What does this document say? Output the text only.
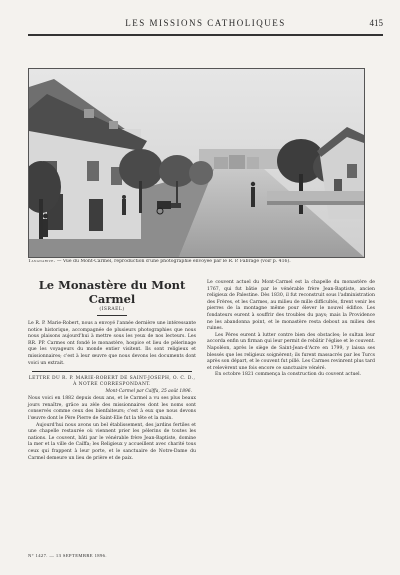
LES MISSIONS CATHOLIQUES	415
Tananarive. — Vue du Mont-Carmel, reproduction d'une photographie envoyée par le R. P. Fabrage (voir p. 416).
Le Monastère du Mont Carmel
(ISRAEL)

Le R. P. Marie-Robert, nous a envoyé l'année dernière une intéressante notice historique, accompagnée de plusieurs photographies que nous nous plaisons aujourd'hui à mettre sous les yeux de nos lecteurs. Les RR. PP. Carmes ont fondé le monastère, hospice et lieu de pèlerinage que les voyageurs du monde entier visitent. Ils sont religieux et missionnaires; c'est à leur œuvre que nous devons les documents dont voici un extrait.

LETTRE DU R. P. MARIE-ROBERT DE SAINT-JOSEPH, O. C. D., À NOTRE CORRESPONDANT.
Mont-Carmel par Caïffa, 25 août 1896.

Nous voici en 1882 depuis deux ans, et le Carmel a vu ses plus beaux jours renaître, grâce au zèle des missionnaires dont les noms sont conservés comme ceux des bienfaiteurs; c'est à eux que nous devons l'œuvre dont le Père Pierre de Saint-Elie fut la tête et la main.

Aujourd'hui nous avons un bel établissement, des jardins fertiles et une chapelle restaurée où viennent prier les pèlerins de toutes les nations. Le couvent, bâti par le vénérable frère Jean-Baptiste, domine la mer et la ville de Caïffa; les Religieux y accueillent avec charité tous ceux qui frappent à leur porte, et le sanctuaire de Notre-Dame du Carmel demeure un lieu de prière et de paix.

Le couvent actuel du Mont-Carmel est la chapelle du monastère de 1767, qui fut bâtie par le vénérable frère Jean-Baptiste, ancien religieux de Palestine. Dès 1830, il fut reconstruit sous l'administration des Frères, et les Carmes, au milieu de mille difficultés, firent venir les pierres de la montagne même pour élever le nouvel édifice. Les fondateurs eurent à souffrir des troubles du pays; mais la Providence ne les abandonna point, et le monastère resta debout au milieu des ruines.

Les Pères eurent à lutter contre bien des obstacles; le sultan leur accorda enfin un firman qui leur permit de rebâtir l'église et le couvent. Napoléon, après le siège de Saint-Jean-d'Acre en 1799, y laissa ses blessés que les religieux soignèrent; ils furent massacrés par les Turcs après son départ, et le couvent fut pillé. Les Carmes revinrent plus tard et relevèrent une fois encore ce sanctuaire vénéré.

En octobre 1821 commença la construction du couvent actuel.

N° 1427. — 13 SEPTEMBRE 1896.
